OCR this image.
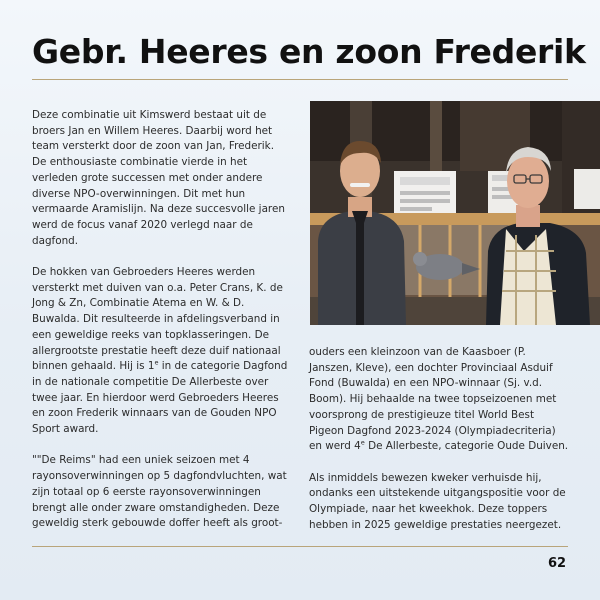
Gebr. Heeres en zoon Frederik

Deze combinatie uit Kimswerd bestaat uit de broers Jan en Willem Heeres. Daarbij word het team versterkt door de zoon van Jan, Frederik. De enthousiaste combinatie vierde in het verleden grote successen met onder andere diverse NPO-overwinningen. Dit met hun vermaarde Aramislijn. Na deze succesvolle jaren werd de focus vanaf 2020 verlegd naar de dagfond.

De hokken van Gebroeders Heeres werden versterkt met duiven van o.a. Peter Crans, K. de Jong & Zn, Combinatie Atema en W. & D. Buwalda. Dit resulteerde in afdelingsverband in een geweldige reeks van topklasseringen. De allergrootste prestatie heeft deze duif nationaal binnen gehaald. Hij is 1e in de categorie Dagfond in de nationale competitie De Allerbeste over twee jaar. En hierdoor werd Gebroeders Heeres en zoon Frederik winnaars van de Gouden NPO Sport award.

""De Reims" had een uniek seizoen met 4 rayonsoverwinningen op 5 dagfondvluchten, wat zijn totaal op 6 eerste rayonsoverwinningen brengt alle onder zware omstandigheden. Deze geweldig sterk gebouwde doffer heeft als groot-

ouders een kleinzoon van de Kaasboer (P. Janszen, Kleve), een dochter Provinciaal Asduif Fond (Buwalda) en een NPO-winnaar (Sj. v.d. Boom). Hij behaalde na twee topseizoenen met voorsprong de prestigieuze titel World Best Pigeon Dagfond 2023-2024 (Olympiadecriteria) en werd 4e De Allerbeste, categorie Oude Duiven.

Als inmiddels bewezen kweker verhuisde hij, ondanks een uitstekende uitgangspositie voor de Olympiade, naar het kweekhok. Deze toppers hebben in 2025 geweldige prestaties neergezet.

62
